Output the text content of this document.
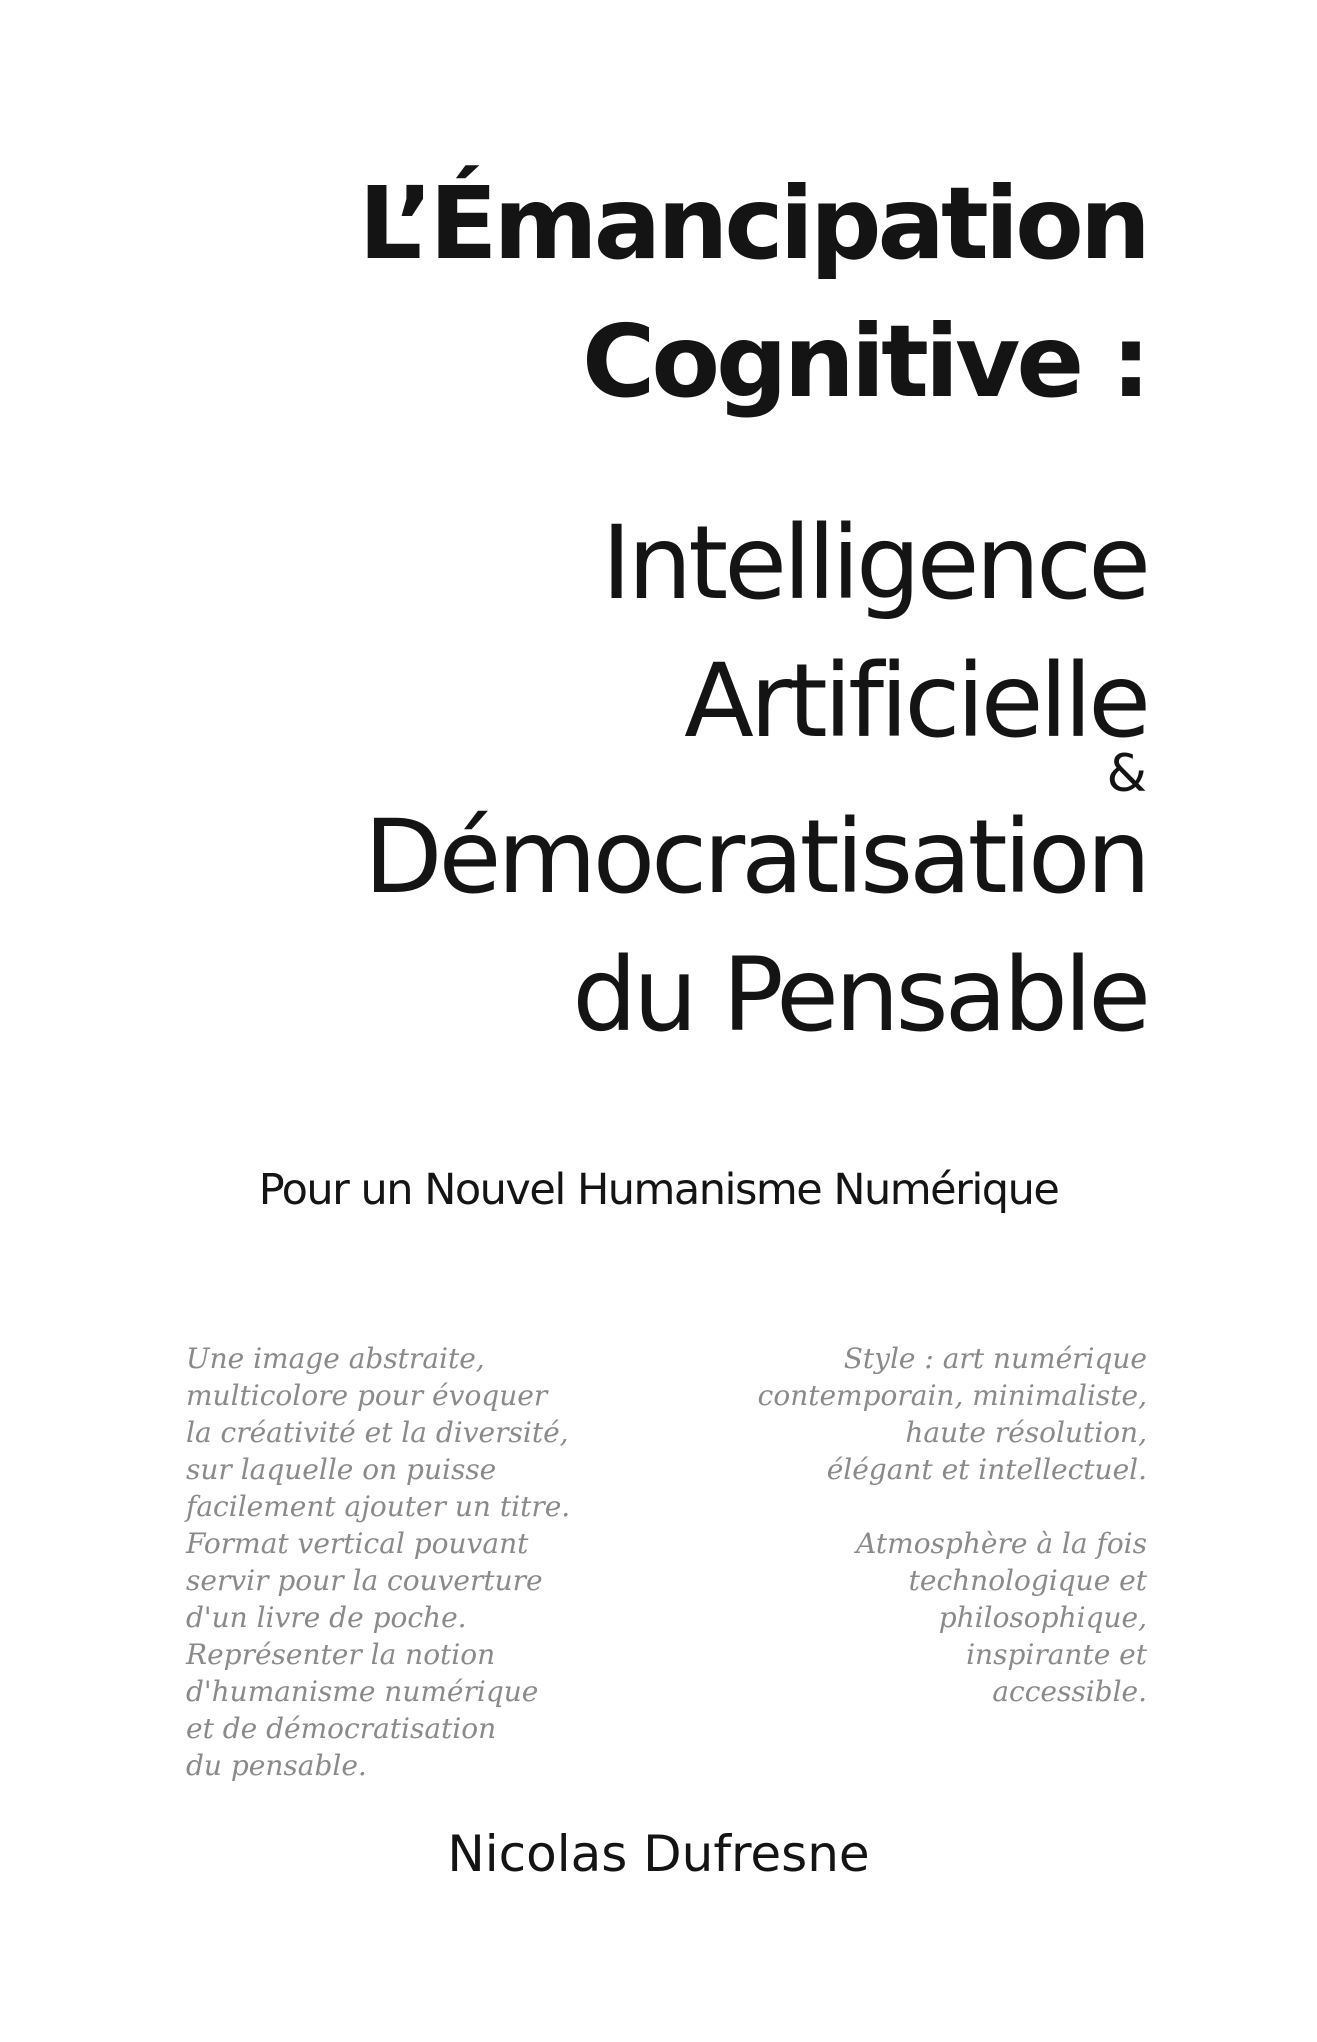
L’Émancipation
Cognitive :
Intelligence
Artificielle
&
Démocratisation
du Pensable
Pour un Nouvel Humanisme Numérique
Une image abstraite,
multicolore pour évoquer
la créativité et la diversité,
sur laquelle on puisse
facilement ajouter un titre.
Format vertical pouvant
servir pour la couverture
d'un livre de poche.
Représenter la notion
d'humanisme numérique
et de démocratisation
du pensable.
Style : art numérique
contemporain, minimaliste,
haute résolution,
élégant et intellectuel.

Atmosphère à la fois
technologique et
philosophique,
inspirante et
accessible.
Nicolas Dufresne
